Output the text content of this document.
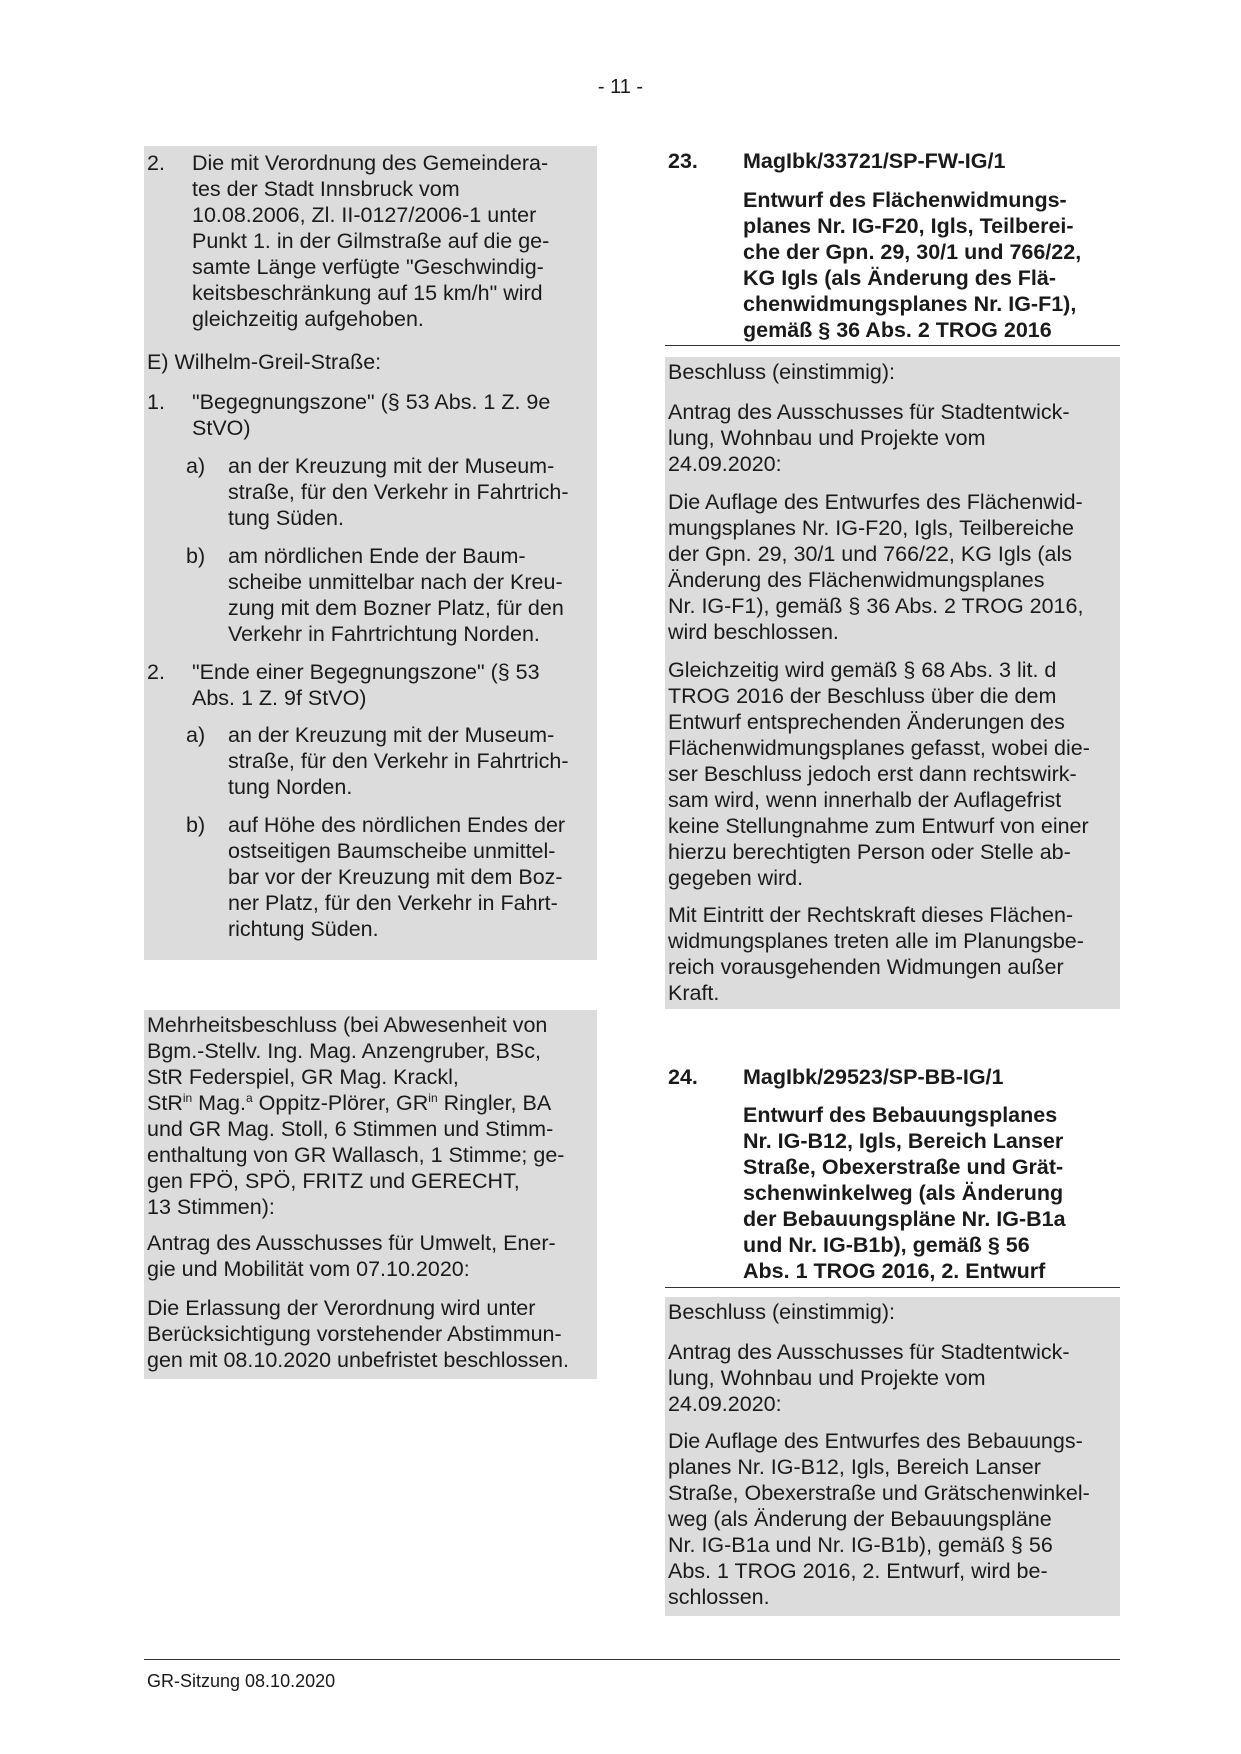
- 11 -
2. Die mit Verordnung des Gemeindera-
tes der Stadt Innsbruck vom
10.08.2006, Zl. II-0127/2006-1 unter
Punkt 1. in der Gilmstraße auf die ge-
samte Länge verfügte "Geschwindig-
keitsbeschränkung auf 15 km/h" wird
gleichzeitig aufgehoben.
E) Wilhelm-Greil-Straße:
1. "Begegnungszone" (§ 53 Abs. 1 Z. 9e
StVO)
a) an der Kreuzung mit der Museum-
straße, für den Verkehr in Fahrtrich-
tung Süden.
b) am nördlichen Ende der Baum-
scheibe unmittelbar nach der Kreu-
zung mit dem Bozner Platz, für den
Verkehr in Fahrtrichtung Norden.
2. "Ende einer Begegnungszone" (§ 53
Abs. 1 Z. 9f StVO)
a) an der Kreuzung mit der Museum-
straße, für den Verkehr in Fahrtrich-
tung Norden.
b) auf Höhe des nördlichen Endes der
ostseitigen Baumscheibe unmittel-
bar vor der Kreuzung mit dem Boz-
ner Platz, für den Verkehr in Fahrt-
richtung Süden.
Mehrheitsbeschluss (bei Abwesenheit von
Bgm.-Stellv. Ing. Mag. Anzengruber, BSc,
StR Federspiel, GR Mag. Krackl,
StR$^{in}$ Mag.$^a$ Oppitz-Plörer, $GR^{in}$ Ringler, BA
und GR Mag. Stoll, 6 Stimmen und Stimm-
enthaltung von GR Wallasch, 1 Stimme; ge-
gen FPÖ, SPÖ, FRITZ und GERECHT,
13 Stimmen):
Antrag des Ausschusses für Umwelt, Ener-
gie und Mobilität vom 07.10.2020:
Die Erlassung der Verordnung wird unter
Berücksichtigung vorstehender Abstimmun-
gen mit 08.10.2020 unbefristet beschlossen.
23. MagIbk/33721/SP-FW-IG/1
Entwurf des Flächenwidmungs-
planes Nr. IG-F20, Igls, Teilberei-
che der Gpn. 29, 30/1 und 766/22,
KG Igls (als Änderung des Flä-
chenwidmungsplanes Nr. IG-F1),
gemäß § 36 Abs. 2 TROG 2016
Beschluss (einstimmig):
Antrag des Ausschusses für Stadtentwick-
lung, Wohnbau und Projekte vom
24.09.2020:
Die Auflage des Entwurfes des Flächenwid-
mungsplanes Nr. IG-F20, Igls, Teilbereiche
der Gpn. 29, 30/1 und 766/22, KG Igls (als
Änderung des Flächenwidmungsplanes
Nr. IG-F1), gemäß § 36 Abs. 2 TROG 2016,
wird beschlossen.
Gleichzeitig wird gemäß § 68 Abs. 3 lit. d
TROG 2016 der Beschluss über die dem
Entwurf entsprechenden Änderungen des
Flächenwidmungsplanes gefasst, wobei die-
ser Beschluss jedoch erst dann rechtswirk-
sam wird, wenn innerhalb der Auflagefrist
keine Stellungnahme zum Entwurf von einer
hierzu berechtigten Person oder Stelle ab-
gegeben wird.
Mit Eintritt der Rechtskraft dieses Flächen-
widmungsplanes treten alle im Planungsbe-
reich vorausgehenden Widmungen außer
Kraft.
24. MagIbk/29523/SP-BB-IG/1
Entwurf des Bebauungsplanes
Nr. IG-B12, Igls, Bereich Lanser
Straße, Obexerstraße und Grät-
schenwinkelweg (als Änderung
der Bebauungspläne Nr. IG-B1a
und Nr. IG-B1b), gemäß § 56
Abs. 1 TROG 2016, 2. Entwurf
Beschluss (einstimmig):
Antrag des Ausschusses für Stadtentwick-
lung, Wohnbau und Projekte vom
24.09.2020:
Die Auflage des Entwurfes des Bebauungs-
planes Nr. IG-B12, Igls, Bereich Lanser
Straße, Obexerstraße und Grätschenwinkel-
weg (als Änderung der Bebauungspläne
Nr. IG-B1a und Nr. IG-B1b), gemäß § 56
Abs. 1 TROG 2016, 2. Entwurf, wird be-
schlossen.
GR-Sitzung 08.10.2020
